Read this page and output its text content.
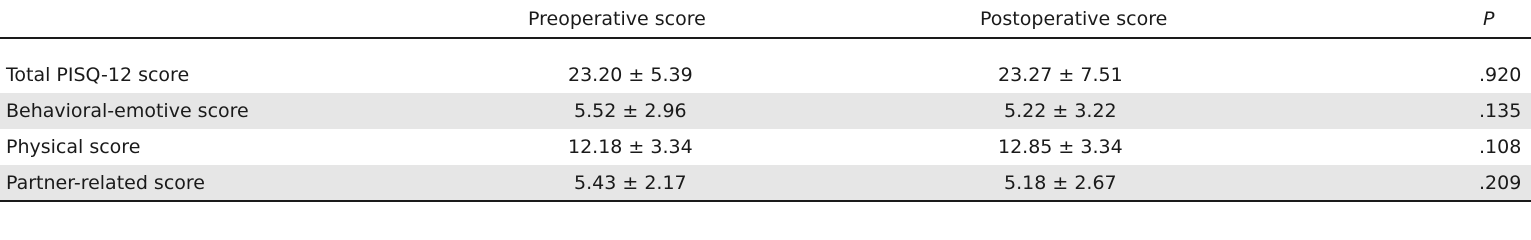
	Preoperative score	Postoperative score	P

Total PISQ-12 score	23.20 ± 5.39	23.27 ± 7.51	.920
Behavioral-emotive score	5.52 ± 2.96	5.22 ± 3.22	.135
Physical score	12.18 ± 3.34	12.85 ± 3.34	.108
Partner-related score	5.43 ± 2.17	5.18 ± 2.67	.209
